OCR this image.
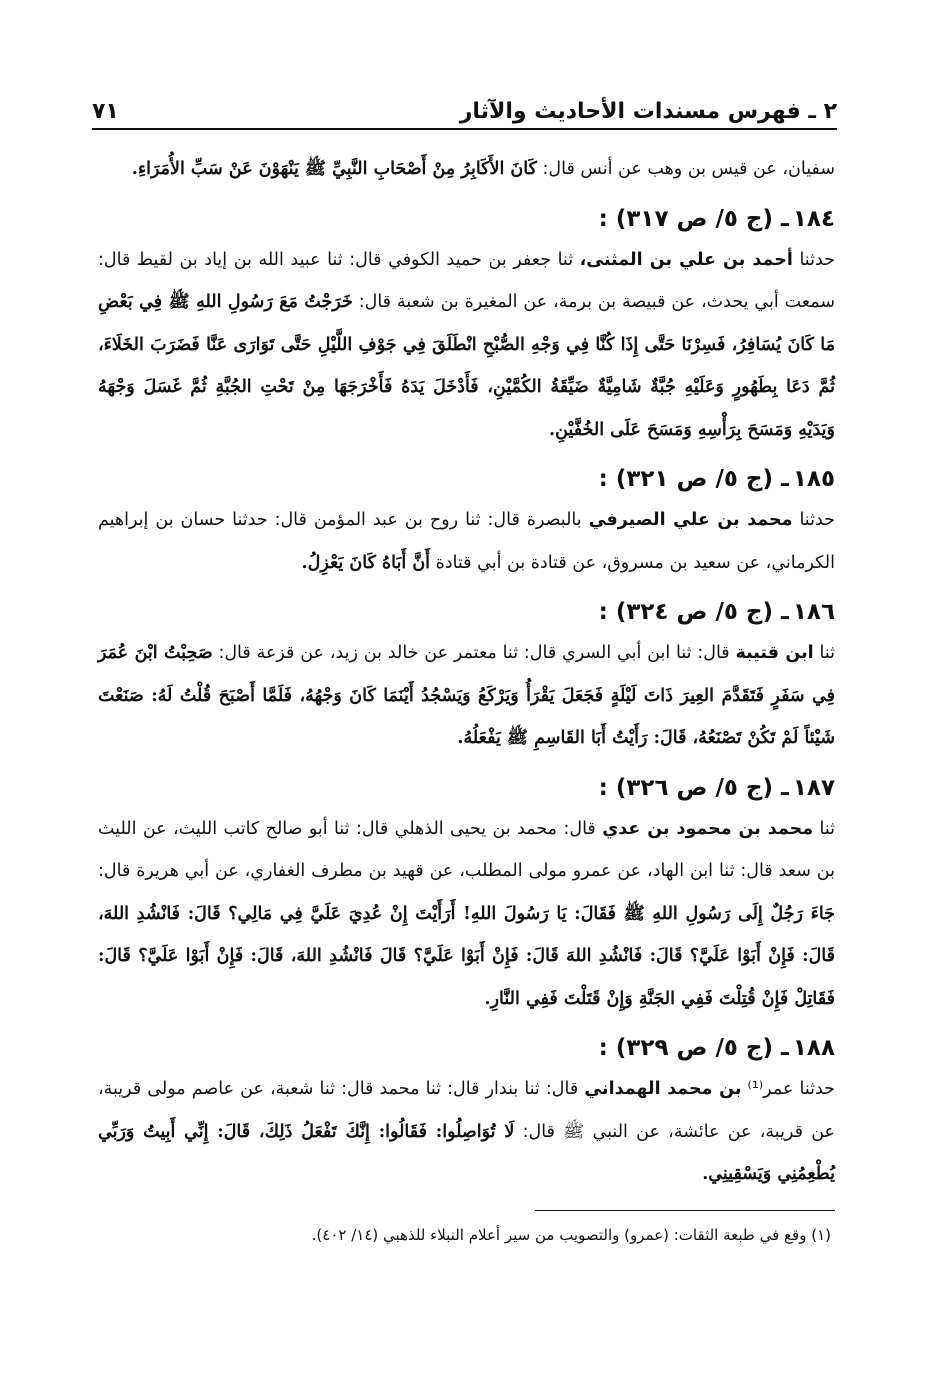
٢ ـ فهرس مسندات الأحاديث والآثار
٧١

سفيان، عن قيس بن وهب عن أنس قال: كَانَ الأَكَابِرُ مِنْ أَصْحَابِ النَّبِيِّ ﷺ يَنْهَوْنَ عَنْ سَبِّ الأُمَرَاءِ.

١٨٤ـ (ج ٥/ ص ٣١٧) :

حدثنا أحمد بن علي بن المثنى، ثنا جعفر بن حميد الكوفي قال: ثنا عبيد الله بن إياد بن لقيط قال: سمعت أبي يحدث، عن قبيصة بن برمة، عن المغيرة بن شعبة قال: خَرَجْتُ مَعَ رَسُولِ اللهِ ﷺ فِي بَعْضِ مَا كَانَ يُسَافِرُ، فَسِرْنَا حَتَّى إِذَا كُنَّا فِي وَجْهِ الصُّبْحِ انْطَلَقَ فِي جَوْفِ اللَّيْلِ حَتَّى تَوَارَى عَنَّا فَضَرَبَ الخَلَاءَ، ثُمَّ دَعَا بِطَهُورٍ وَعَلَيْهِ جُبَّةٌ شَامِيَّةٌ ضَيِّقَةُ الكُمَّيْنِ، فَأَدْخَلَ يَدَهُ فَأَخْرَجَهَا مِنْ تَحْتِ الجُبَّةِ ثُمَّ غَسَلَ وَجْهَهُ وَيَدَيْهِ وَمَسَحَ بِرَأْسِهِ وَمَسَحَ عَلَى الخُفَّيْنِ.

١٨٥ـ (ج ٥/ ص ٣٢١) :

حدثنا محمد بن علي الصيرفي بالبصرة قال: ثنا روح بن عبد المؤمن قال: حدثنا حسان بن إبراهيم الكرماني، عن سعيد بن مسروق، عن قتادة بن أبي قتادة أَنَّ أَبَاهُ كَانَ يَعْزِلُ.

١٨٦ـ (ج ٥/ ص ٣٢٤) :

ثنا ابن قتيبة قال: ثنا ابن أبي السري قال: ثنا معتمر عن خالد بن زيد، عن قزعة قال: صَحِبْتُ ابْنَ عُمَرَ فِي سَفَرٍ فَتَقَدَّمَ العِيرَ ذَاتَ لَيْلَةٍ فَجَعَلَ يَقْرَأُ وَيَرْكَعُ وَيَسْجُدُ أَيْنَمَا كَانَ وَجْهُهُ، فَلَمَّا أَصْبَحَ قُلْتُ لَهُ: صَنَعْتَ شَيْئاً لَمْ تَكُنْ تَصْنَعُهُ، قَالَ: رَأَيْتُ أَبَا القَاسِمِ ﷺ يَفْعَلُهُ.

١٨٧ـ (ج ٥/ ص ٣٢٦) :

ثنا محمد بن محمود بن عدي قال: محمد بن يحيى الذهلي قال: ثنا أبو صالح كاتب الليث، عن الليث بن سعد قال: ثنا ابن الهاد، عن عمرو مولى المطلب، عن قهيد بن مطرف الغفاري، عن أبي هريرة قال: جَاءَ رَجُلٌ إِلَى رَسُولِ اللهِ ﷺ فَقَالَ: يَا رَسُولَ اللهِ! أَرَأَيْتَ إِنْ عُدِيَ عَلَيَّ فِي مَالِي؟ قَالَ: فَانْشُدِ اللهَ، قَالَ: فَإِنْ أَبَوْا عَلَيَّ؟ قَالَ: فَانْشُدِ اللهَ قَالَ: فَإِنْ أَبَوْا عَلَيَّ؟ قَالَ فَانْشُدِ اللهَ، قَالَ: فَإِنْ أَبَوْا عَلَيَّ؟ قَالَ: فَقَاتِلْ فَإِنْ قُتِلْتَ فَفِي الجَنَّةِ وَإِنْ قَتَلْتَ فَفِي النَّارِ.

١٨٨ـ (ج ٥/ ص ٣٢٩) :

حدثنا عمر⁽¹⁾ بن محمد الهمداني قال: ثنا بندار قال: ثنا محمد قال: ثنا شعبة، عن عاصم مولى قريبة، عن قريبة، عن عائشة، عن النبي ﷺ قال: لَا تُوَاصِلُوا: فَقَالُوا: إِنَّكَ تَفْعَلُ ذَلِكَ، قَالَ: إِنِّي أَبِيتُ وَرَبِّي يُطْعِمُنِي وَيَسْقِينِي.

(١) وقع في طبعة الثقات: (عمرو) والتصويب من سير أعلام النبلاء للذهبي (١٤/ ٤٠٢).
